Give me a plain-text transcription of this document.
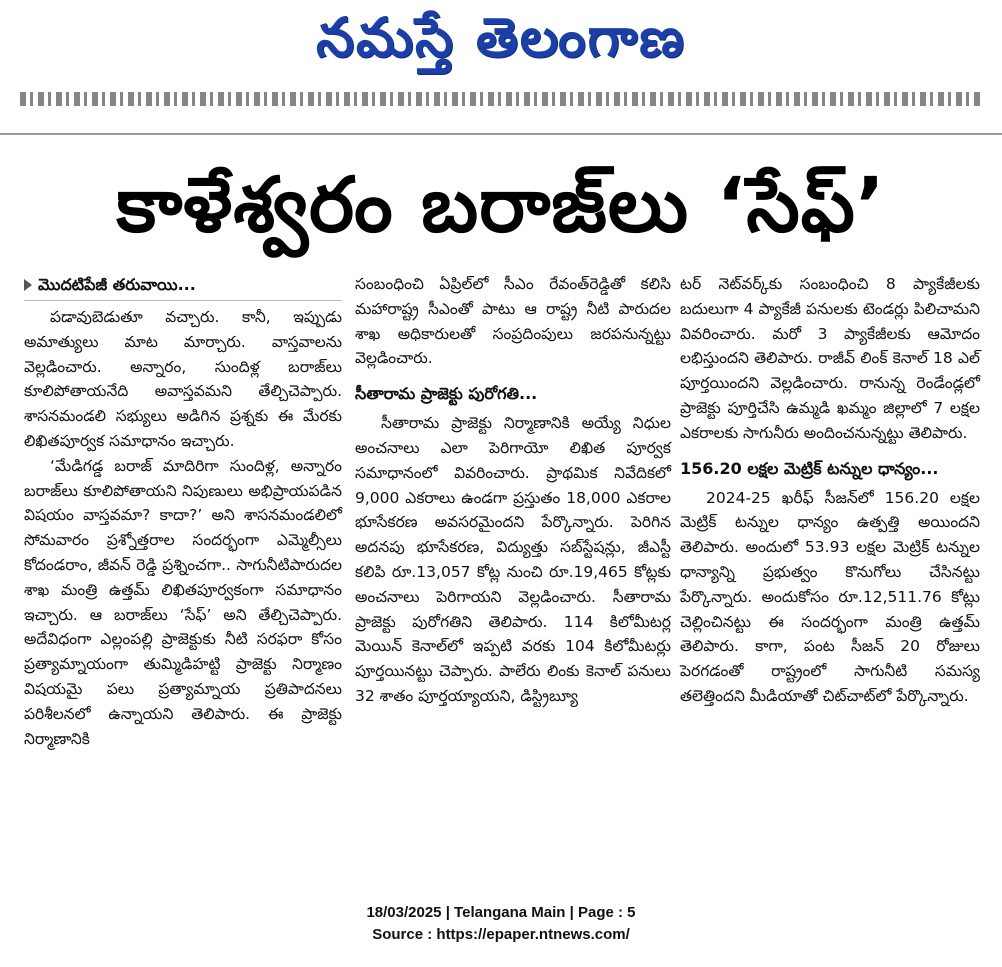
నమస్తే తెలంగాణ
కాళేశ్వరం బరాజ్‌లు ‘సేఫ్’
మొదటిపేజీ తరువాయి...

పడావుబెడుతూ వచ్చారు. కానీ, ఇప్పుడు అమాత్యులు మాట మార్చారు. వాస్తవాలను వెల్లడించారు. అన్నారం, సుందిళ్ల బరాజ్‌లు కూలిపోతాయనేది అవాస్తవమని తేల్చిచెప్పారు. శాసనమండలి సభ్యులు అడిగిన ప్రశ్నకు ఈ మేరకు లిఖితపూర్వక సమాధానం ఇచ్చారు.

‘మేడిగడ్డ బరాజ్ మాదిరిగా సుందిళ్ల, అన్నారం బరాజ్‌లు కూలిపోతాయని నిపుణులు అభిప్రాయపడిన విషయం వాస్తవమా? కాదా?’ అని శాసనమండలిలో సోమవారం ప్రశ్నోత్తరాల సందర్భంగా ఎమ్మెల్సీలు కోదండరాం, జీవన్ రెడ్డి ప్రశ్నించగా.. సాగునీటిపారుదల శాఖ మంత్రి ఉత్తమ్ లిఖితపూర్వకంగా సమాధానం ఇచ్చారు. ఆ బరాజ్‌లు ‘సేఫ్’ అని తేల్చిచెప్పారు. అదేవిధంగా ఎల్లంపల్లి ప్రాజెక్టుకు నీటి సరఫరా కోసం ప్రత్యామ్నాయంగా తుమ్మిడిహట్టి ప్రాజెక్టు నిర్మాణం విషయమై పలు ప్రత్యామ్నాయ ప్రతిపాదనలు పరిశీలనలో ఉన్నాయని తెలిపారు. ఈ ప్రాజెక్టు నిర్మాణానికి

సంబంధించి ఏప్రిల్‌లో సీఎం రేవంత్‌రెడ్డితో కలిసి మహారాష్ట్ర సీఎంతో పాటు ఆ రాష్ట్ర నీటి పారుదల శాఖ అధికారులతో సంప్రదింపులు జరపనున్నట్టు వెల్లడించారు.

సీతారామ ప్రాజెక్టు పురోగతి...

సీతారామ ప్రాజెక్టు నిర్మాణానికి అయ్యే నిధుల అంచనాలు ఎలా పెరిగాయో లిఖిత పూర్వక సమాధానంలో వివరించారు. ప్రాథమిక నివేదికలో 9,000 ఎకరాలు ఉండగా ప్రస్తుతం 18,000 ఎకరాల భూసేకరణ అవసరమైందని పేర్కొన్నారు. పెరిగిన అదనపు భూసేకరణ, విద్యుత్తు సబ్‌స్టేషన్లు, జీఎస్టీ కలిపి రూ.13,057 కోట్ల నుంచి రూ.19,465 కోట్లకు అంచనాలు పెరిగాయని వెల్లడించారు. సీతారామ ప్రాజెక్టు పురోగతిని తెలిపారు. 114 కిలోమీటర్ల మెయిన్ కెనాల్‌లో ఇప్పటి వరకు 104 కిలోమీటర్లు పూర్తయినట్టు చెప్పారు. పాలేరు లింకు కెనాల్ పనులు 32 శాతం పూర్తయ్యాయని, డిస్ట్రిబ్యూ

టర్ నెట్‌వర్క్‌కు సంబంధించి 8 ప్యాకేజీలకు బదులుగా 4 ప్యాకేజీ పనులకు టెండర్లు పిలిచామని వివరించారు. మరో 3 ప్యాకేజీలకు ఆమోదం లభిస్తుందని తెలిపారు. రాజీవ్ లింక్ కెనాల్ 18 ఎల్ పూర్తయిందని వెల్లడించారు. రానున్న రెండేండ్లలో ప్రాజెక్టు పూర్తిచేసి ఉమ్మడి ఖమ్మం జిల్లాలో 7 లక్షల ఎకరాలకు సాగునీరు అందించనున్నట్టు తెలిపారు.

156.20 లక్షల మెట్రిక్ టన్నుల ధాన్యం...

2024-25 ఖరీఫ్ సీజన్‌లో 156.20 లక్షల మెట్రిక్ టన్నుల ధాన్యం ఉత్పత్తి అయిందని తెలిపారు. అందులో 53.93 లక్షల మెట్రిక్ టన్నుల ధాన్యాన్ని ప్రభుత్వం కొనుగోలు చేసినట్టు పేర్కొన్నారు. అందుకోసం రూ.12,511.76 కోట్లు చెల్లించినట్టు ఈ సందర్భంగా మంత్రి ఉత్తమ్ తెలిపారు. కాగా, పంట సీజన్ 20 రోజులు పెరగడంతో రాష్ట్రంలో సాగునీటి సమస్య తలెత్తిందని మీడియాతో చిట్‌చాట్‌లో పేర్కొన్నారు.

18/03/2025 | Telangana Main | Page : 5
Source : https://epaper.ntnews.com/
